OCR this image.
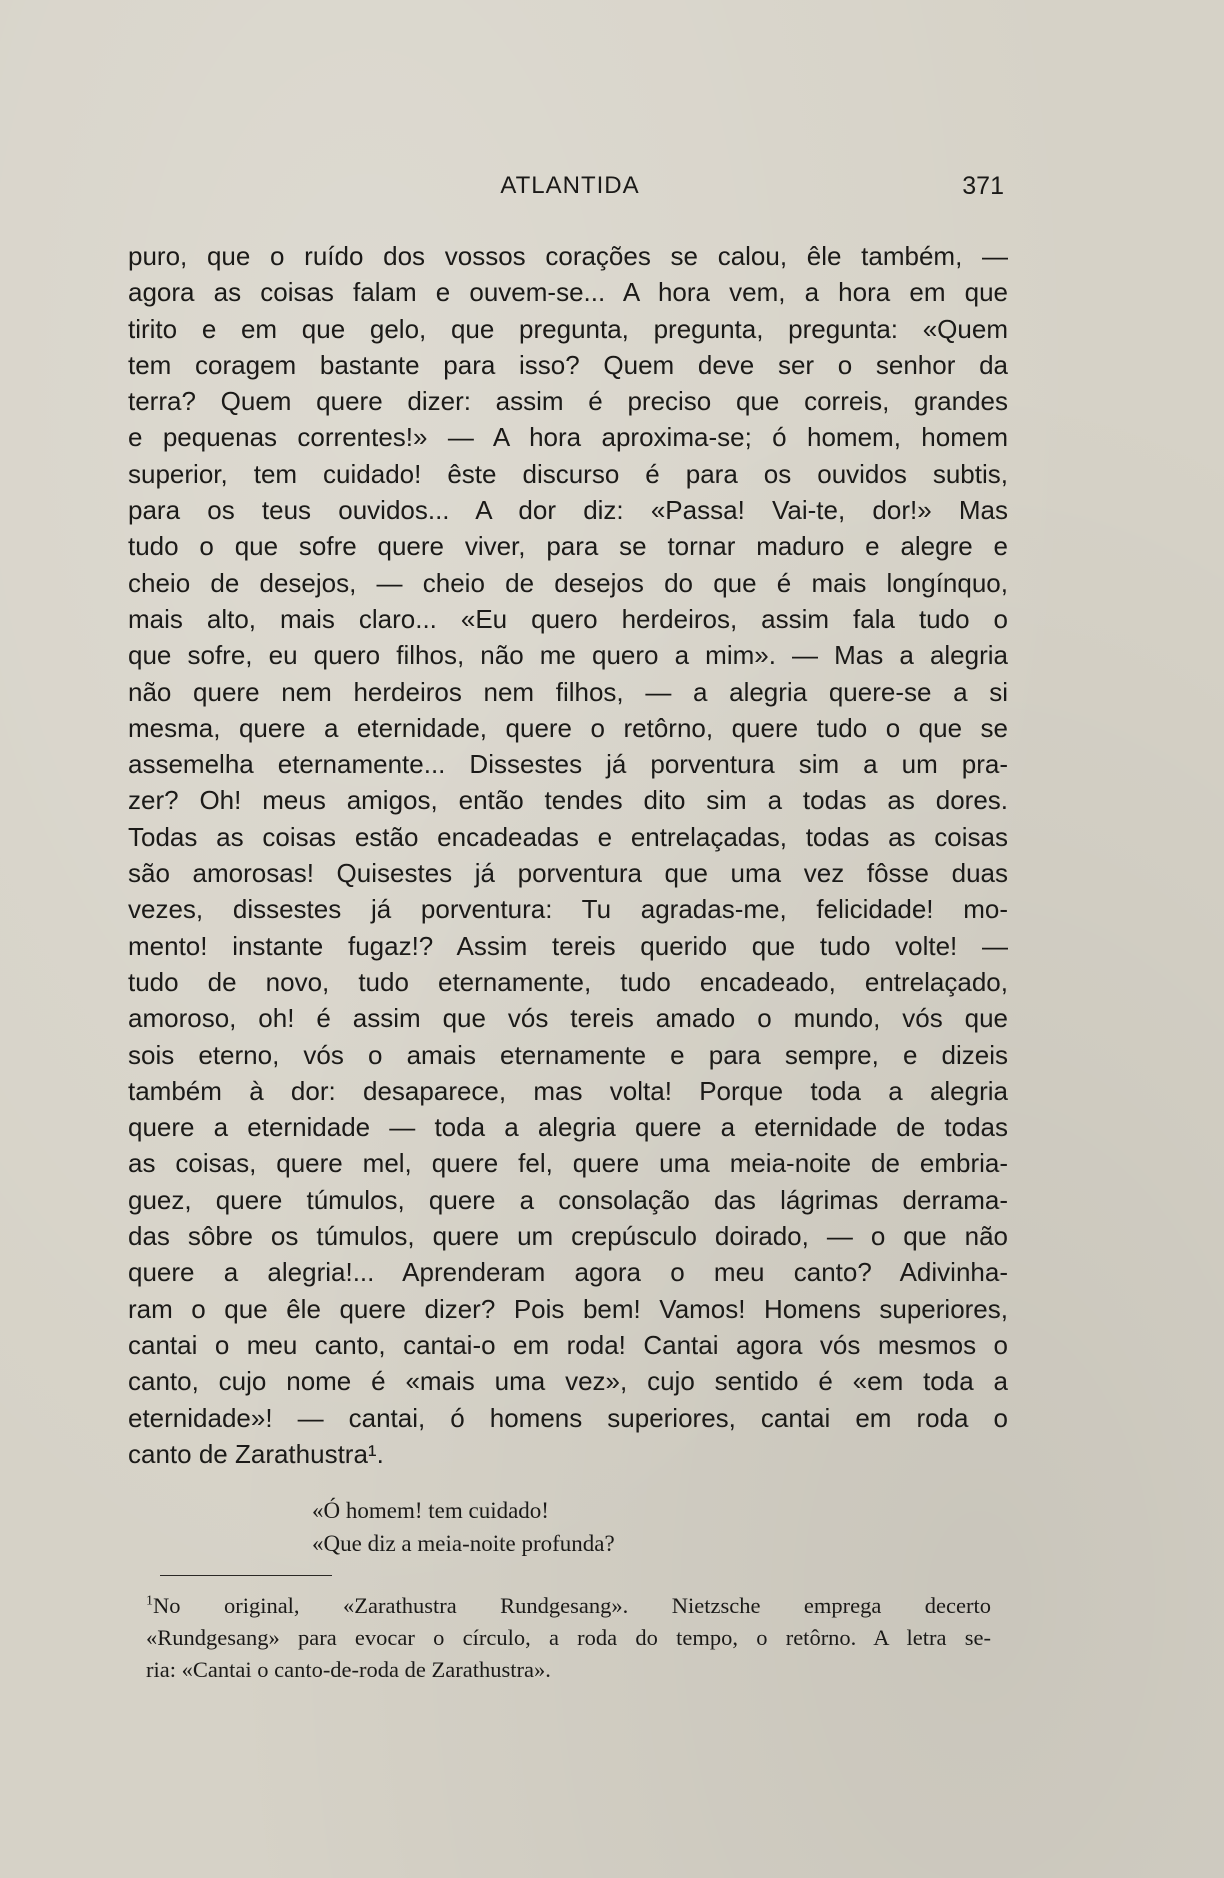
ATLANTIDA	371
puro, que o ruído dos vossos corações se calou, êle também, —
agora as coisas falam e ouvem-se... A hora vem, a hora em que
tirito e em que gelo, que pregunta, pregunta, pregunta: «Quem
tem coragem bastante para isso? Quem deve ser o senhor da
terra? Quem quere dizer: assim é preciso que correis, grandes
e pequenas correntes!» — A hora aproxima-se; ó homem, homem
superior, tem cuidado! êste discurso é para os ouvidos subtis,
para os teus ouvidos... A dor diz: «Passa! Vai-te, dor!» Mas
tudo o que sofre quere viver, para se tornar maduro e alegre e
cheio de desejos, — cheio de desejos do que é mais longínquo,
mais alto, mais claro... «Eu quero herdeiros, assim fala tudo o
que sofre, eu quero filhos, não me quero a mim». — Mas a alegria
não quere nem herdeiros nem filhos, — a alegria quere-se a si
mesma, quere a eternidade, quere o retôrno, quere tudo o que se
assemelha eternamente... Dissestes já porventura sim a um pra-
zer? Oh! meus amigos, então tendes dito sim a todas as dores.
Todas as coisas estão encadeadas e entrelaçadas, todas as coisas
são amorosas! Quisestes já porventura que uma vez fôsse duas
vezes, dissestes já porventura: Tu agradas-me, felicidade! mo-
mento! instante fugaz!? Assim tereis querido que tudo volte! —
tudo de novo, tudo eternamente, tudo encadeado, entrelaçado,
amoroso, oh! é assim que vós tereis amado o mundo, vós que
sois eterno, vós o amais eternamente e para sempre, e dizeis
também à dor: desaparece, mas volta! Porque toda a alegria
quere a eternidade — toda a alegria quere a eternidade de todas
as coisas, quere mel, quere fel, quere uma meia-noite de embria-
guez, quere túmulos, quere a consolação das lágrimas derrama-
das sôbre os túmulos, quere um crepúsculo doirado, — o que não
quere a alegria!... Aprenderam agora o meu canto? Adivinha-
ram o que êle quere dizer? Pois bem! Vamos! Homens superiores,
cantai o meu canto, cantai-o em roda! Cantai agora vós mesmos o
canto, cujo nome é «mais uma vez», cujo sentido é «em toda a
eternidade»! — cantai, ó homens superiores, cantai em roda o
canto de Zarathustra¹.
«Ó homem! tem cuidado!
«Que diz a meia-noite profunda?
$^1$No original, «Zarathustra Rundgesang». Nietzsche emprega decerto
«Rundgesang» para evocar o círculo, a roda do tempo, o retôrno. A letra se-
ria: «Cantai o canto-de-roda de Zarathustra».
